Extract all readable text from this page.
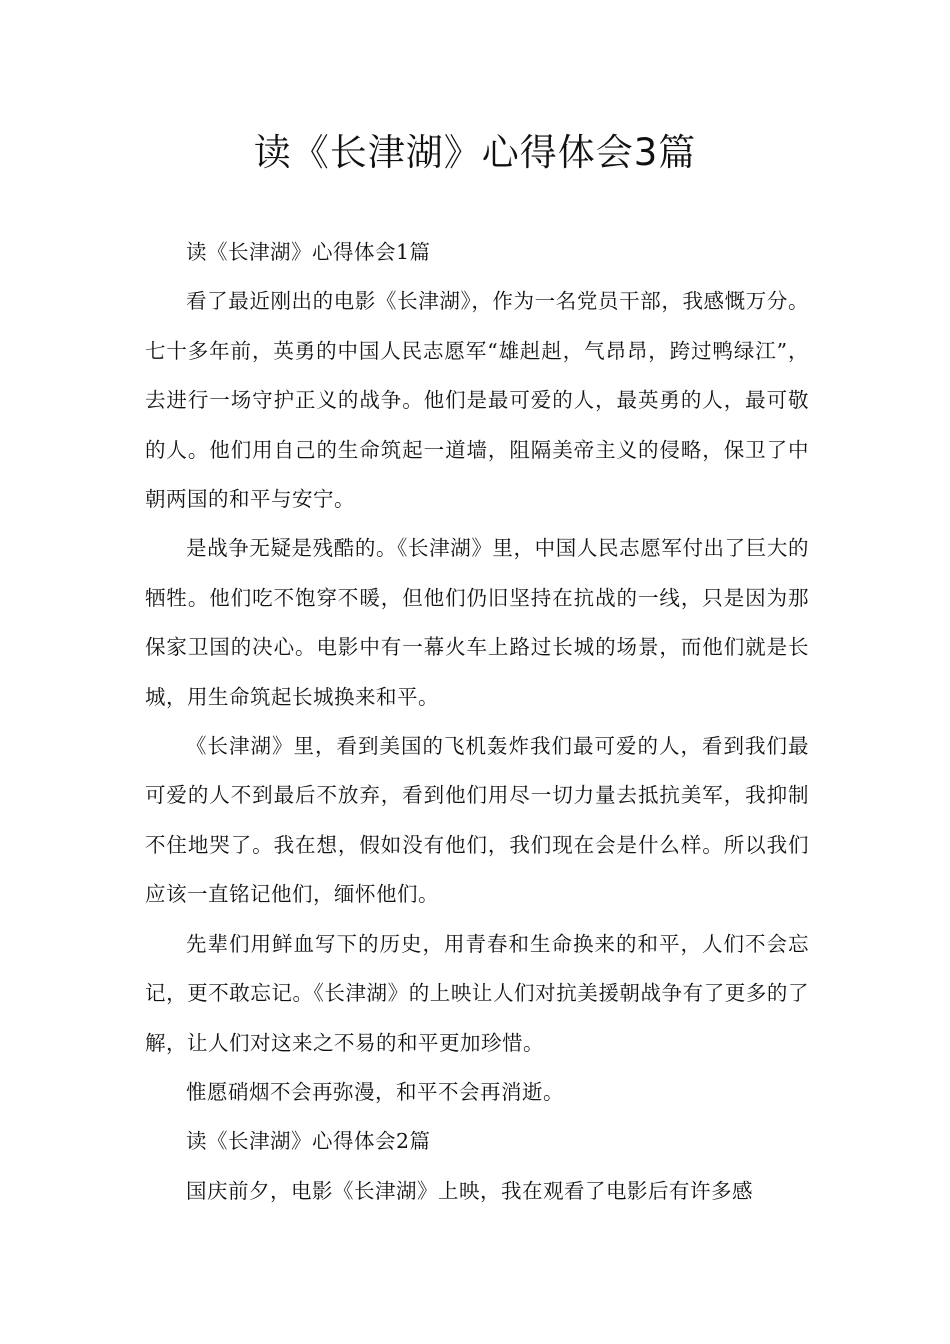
读《长津湖》心得体会3篇

读《长津湖》心得体会1篇

看了最近刚出的电影《长津湖》，作为一名党员干部，我感慨万分。七十多年前，英勇的中国人民志愿军“雄赳赳，气昂昂，跨过鸭绿江”，去进行一场守护正义的战争。他们是最可爱的人，最英勇的人，最可敬的人。他们用自己的生命筑起一道墙，阻隔美帝主义的侵略，保卫了中朝两国的和平与安宁。

是战争无疑是残酷的。《长津湖》里，中国人民志愿军付出了巨大的牺牲。他们吃不饱穿不暖，但他们仍旧坚持在抗战的一线，只是因为那保家卫国的决心。电影中有一幕火车上路过长城的场景，而他们就是长城，用生命筑起长城换来和平。

《长津湖》里，看到美国的飞机轰炸我们最可爱的人，看到我们最可爱的人不到最后不放弃，看到他们用尽一切力量去抵抗美军，我抑制不住地哭了。我在想，假如没有他们，我们现在会是什么样。所以我们应该一直铭记他们，缅怀他们。

先辈们用鲜血写下的历史，用青春和生命换来的和平，人们不会忘记，更不敢忘记。《长津湖》的上映让人们对抗美援朝战争有了更多的了解，让人们对这来之不易的和平更加珍惜。

惟愿硝烟不会再弥漫，和平不会再消逝。

读《长津湖》心得体会2篇

国庆前夕，电影《长津湖》上映，我在观看了电影后有许多感
